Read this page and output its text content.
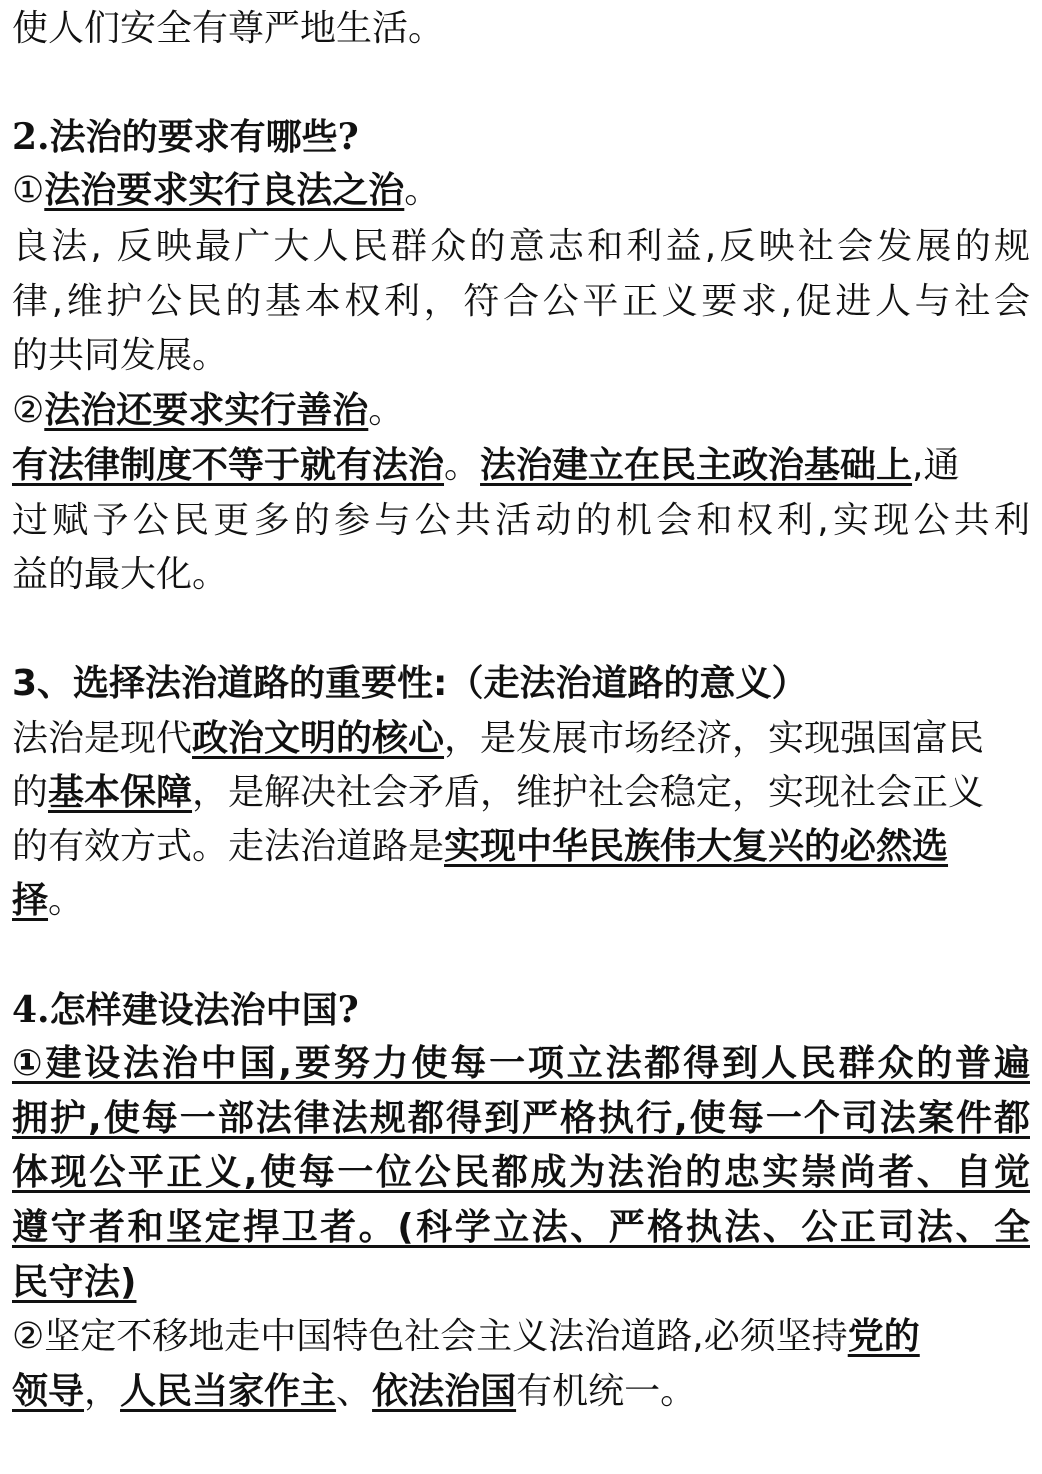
使人们安全有尊严地生活。
2.法治的要求有哪些?
①法治要求实行良法之治。
良法, 反映最广大人民群众的意志和利益,反映社会发展的规
律,维护公民的基本权利，符合公平正义要求,促进人与社会
的共同发展。
②法治还要求实行善治。
有法律制度不等于就有法治。法治建立在民主政治基础上,通
过赋予公民更多的参与公共活动的机会和权利,实现公共利
益的最大化。
3、选择法治道路的重要性:（走法治道路的意义）
法治是现代政治文明的核心，是发展市场经济，实现强国富民
的基本保障，是解决社会矛盾，维护社会稳定，实现社会正义
的有效方式。走法治道路是实现中华民族伟大复兴的必然选
择。
4.怎样建设法治中国?
①建设法治中国,要努力使每一项立法都得到人民群众的普遍
拥护,使每一部法律法规都得到严格执行,使每一个司法案件都
体现公平正义,使每一位公民都成为法治的忠实崇尚者、自觉
遵守者和坚定捍卫者。(科学立法、严格执法、公正司法、全
民守法)
②坚定不移地走中国特色社会主义法治道路,必须坚持党的
领导，人民当家作主、依法治国有机统一。
